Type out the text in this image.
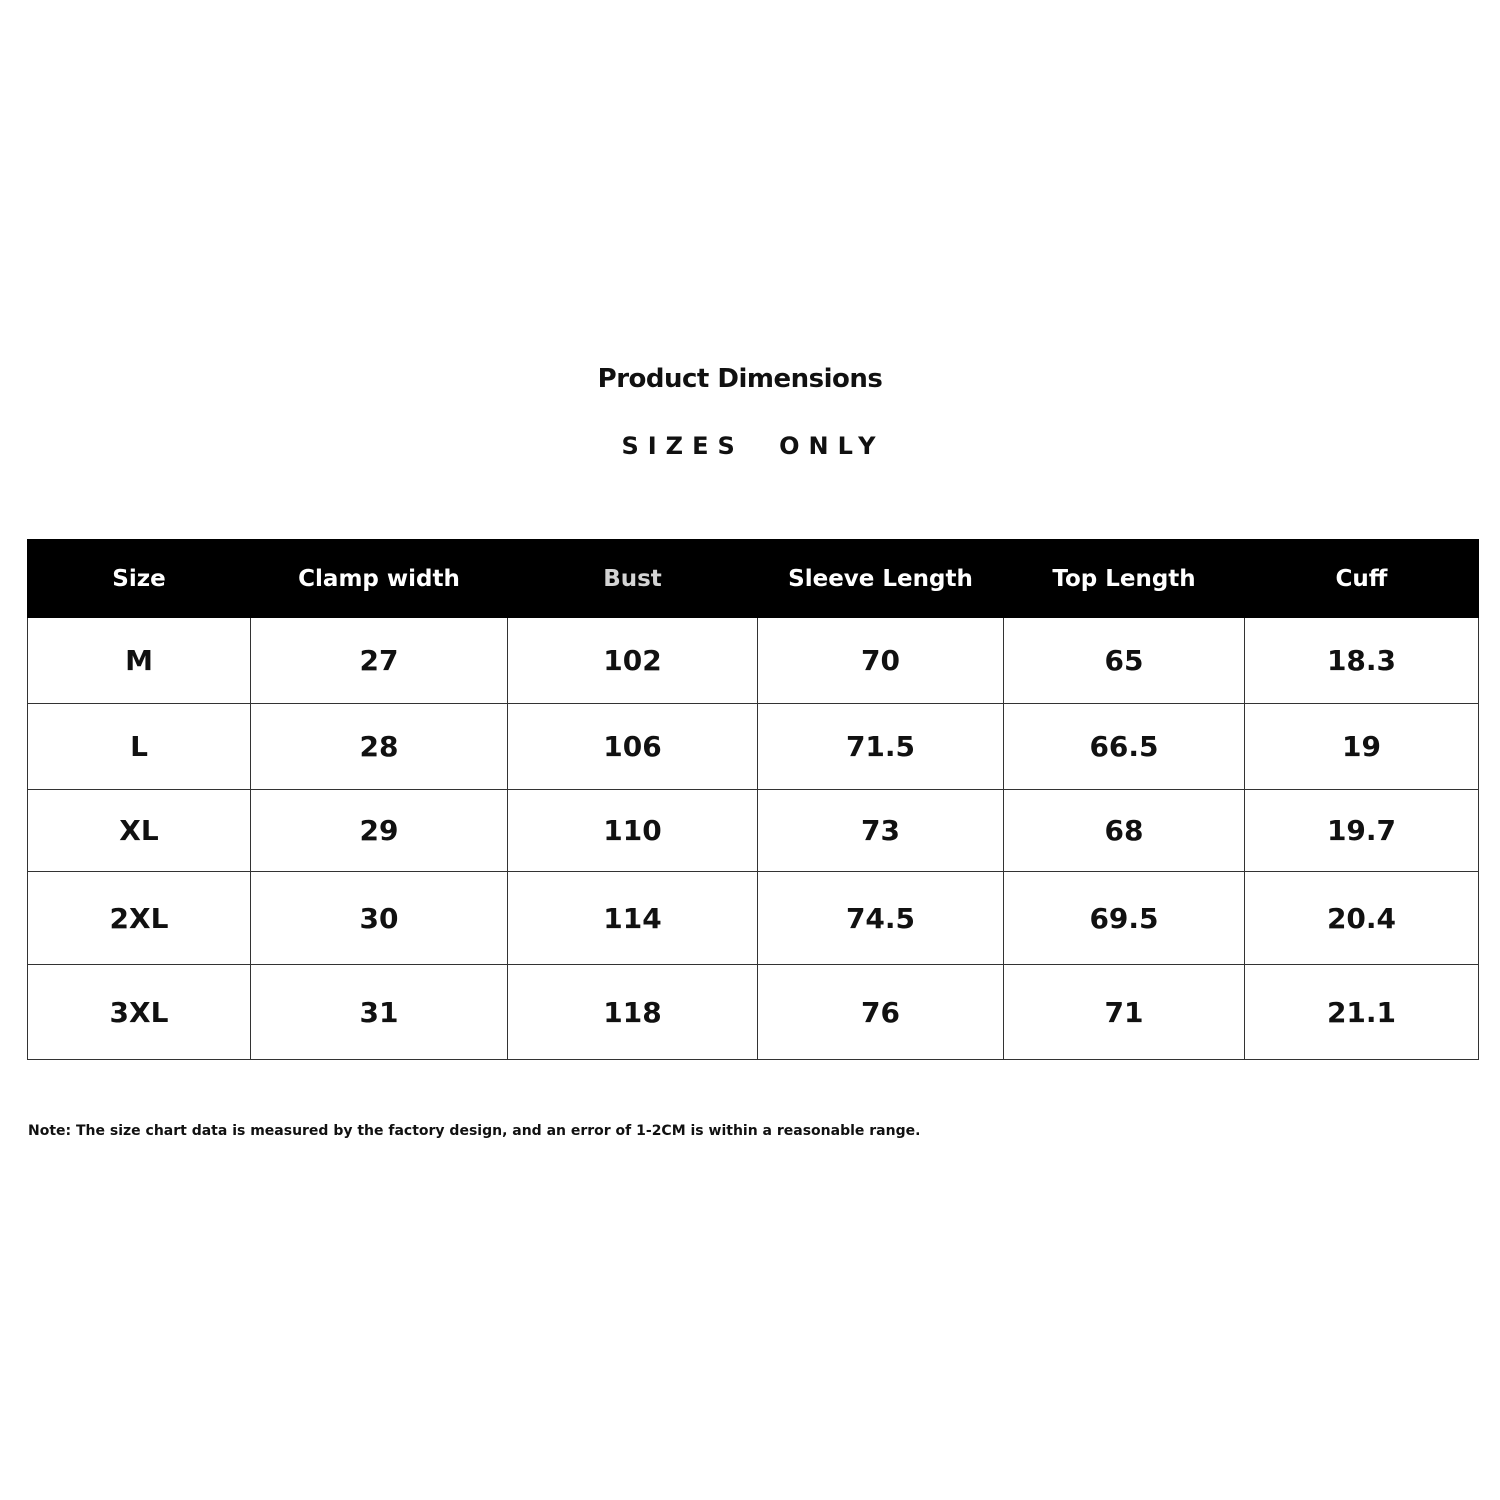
Product Dimensions
SIZES ONLY
Size	Clamp width	Bust	Sleeve Length	Top Length	Cuff
M	27	102	70	65	18.3
L	28	106	71.5	66.5	19
XL	29	110	73	68	19.7
2XL	30	114	74.5	69.5	20.4
3XL	31	118	76	71	21.1
Note: The size chart data is measured by the factory design, and an error of 1-2CM is within a reasonable range.
